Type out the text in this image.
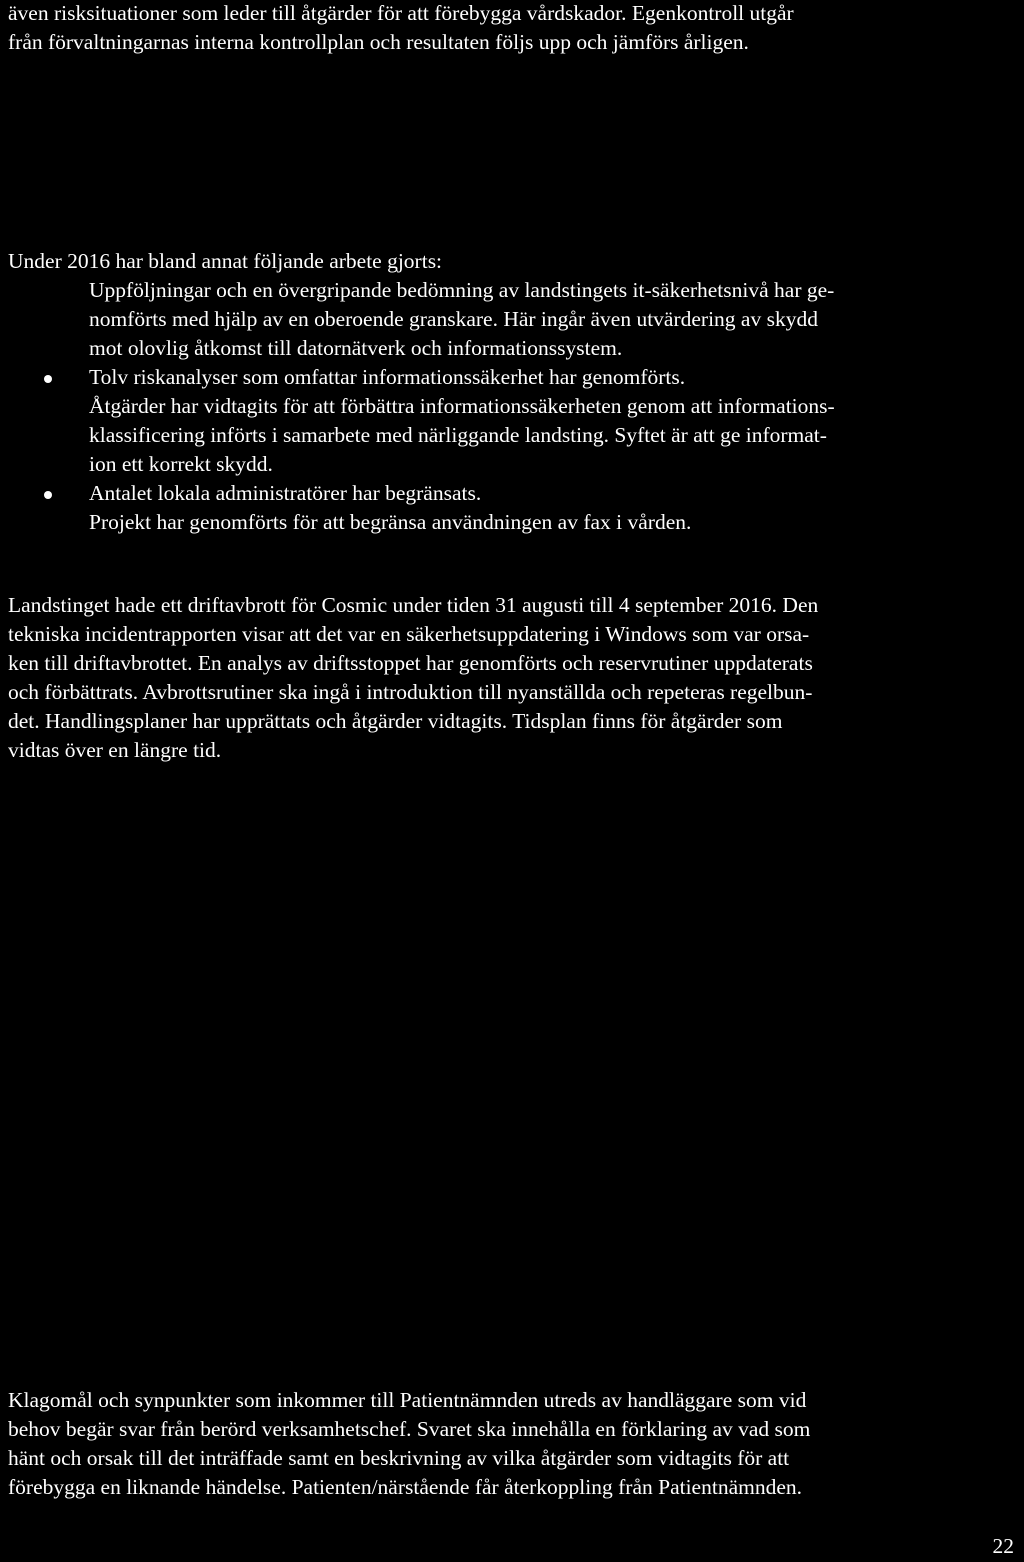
även risksituationer som leder till åtgärder för att förebygga vårdskador. Egenkontroll utgår
från förvaltningarnas interna kontrollplan och resultaten följs upp och jämförs årligen.

Under 2016 har bland annat följande arbete gjorts:
Uppföljningar och en övergripande bedömning av landstingets it-säkerhetsnivå har ge-
nomförts med hjälp av en oberoende granskare. Här ingår även utvärdering av skydd
mot olovlig åtkomst till datornätverk och informationssystem.
Tolv riskanalyser som omfattar informationssäkerhet har genomförts.
Åtgärder har vidtagits för att förbättra informationssäkerheten genom att informations-
klassificering införts i samarbete med närliggande landsting. Syftet är att ge informat-
ion ett korrekt skydd.
Antalet lokala administratörer har begränsats.
Projekt har genomförts för att begränsa användningen av fax i vården.

Landstinget hade ett driftavbrott för Cosmic under tiden 31 augusti till 4 september 2016. Den
tekniska incidentrapporten visar att det var en säkerhetsuppdatering i Windows som var orsa-
ken till driftavbrottet. En analys av driftsstoppet har genomförts och reservrutiner uppdaterats
och förbättrats. Avbrottsrutiner ska ingå i introduktion till nyanställda och repeteras regelbun-
det. Handlingsplaner har upprättats och åtgärder vidtagits. Tidsplan finns för åtgärder som
vidtas över en längre tid.

Klagomål och synpunkter som inkommer till Patientnämnden utreds av handläggare som vid
behov begär svar från berörd verksamhetschef. Svaret ska innehålla en förklaring av vad som
hänt och orsak till det inträffade samt en beskrivning av vilka åtgärder som vidtagits för att
förebygga en liknande händelse. Patienten/närstående får återkoppling från Patientnämnden.

22
